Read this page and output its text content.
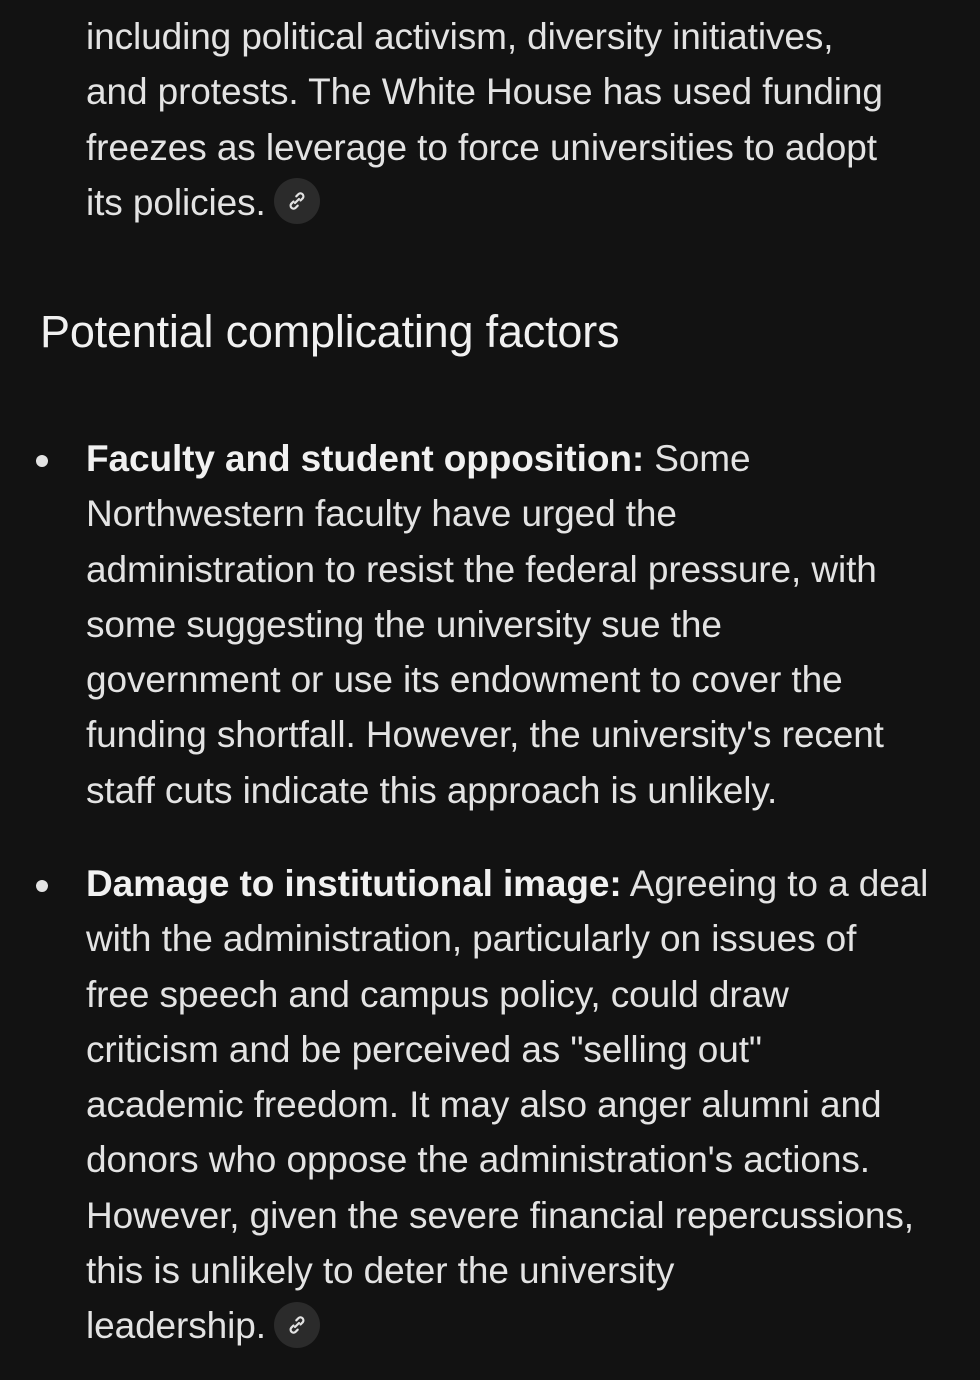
including political activism, diversity initiatives,
and protests. The White House has used funding
freezes as leverage to force universities to adopt
its policies.

Potential complicating factors

Faculty and student opposition: Some
Northwestern faculty have urged the
administration to resist the federal pressure, with
some suggesting the university sue the
government or use its endowment to cover the
funding shortfall. However, the university's recent
staff cuts indicate this approach is unlikely.

Damage to institutional image: Agreeing to a deal
with the administration, particularly on issues of
free speech and campus policy, could draw
criticism and be perceived as "selling out"
academic freedom. It may also anger alumni and
donors who oppose the administration's actions.
However, given the severe financial repercussions,
this is unlikely to deter the university
leadership.
